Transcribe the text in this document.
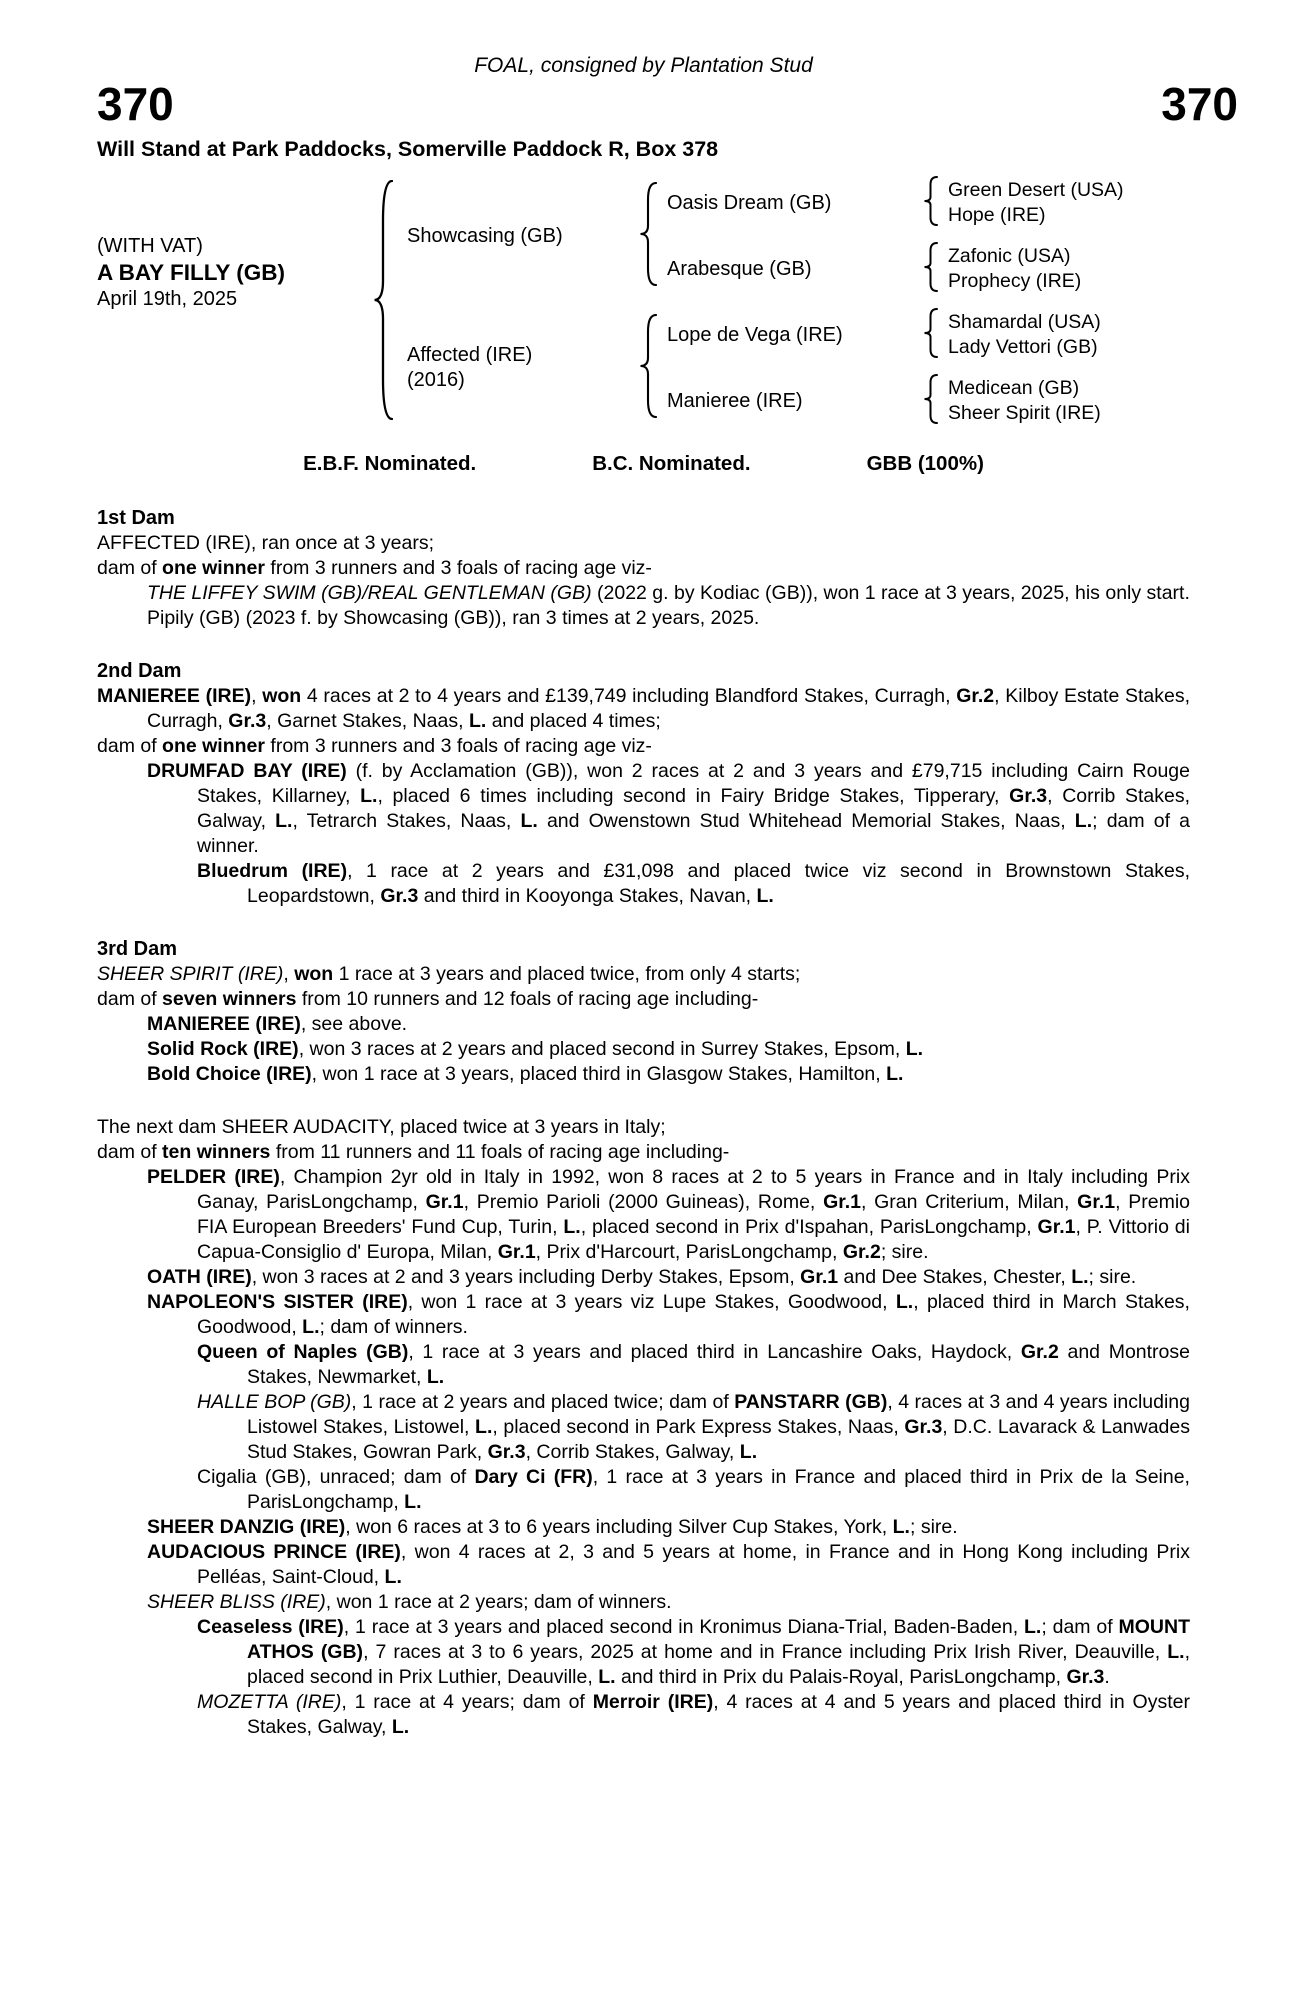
FOAL, consigned by Plantation Stud
370	370
Will Stand at Park Paddocks, Somerville Paddock R, Box 378
(WITH VAT)
A BAY FILLY (GB)
April 19th, 2025
Showcasing (GB)
Oasis Dream (GB)
Green Desert (USA)
Hope (IRE)
Arabesque (GB)
Zafonic (USA)
Prophecy (IRE)
Affected (IRE)
(2016)
Lope de Vega (IRE)
Shamardal (USA)
Lady Vettori (GB)
Manieree (IRE)
Medicean (GB)
Sheer Spirit (IRE)
E.B.F. Nominated.	B.C. Nominated.	GBB (100%)
1st Dam
AFFECTED (IRE), ran once at 3 years;
dam of one winner from 3 runners and 3 foals of racing age viz-
THE LIFFEY SWIM (GB)/REAL GENTLEMAN (GB) (2022 g. by Kodiac (GB)), won 1 race at 3 years, 2025, his only start.
Pipily (GB) (2023 f. by Showcasing (GB)), ran 3 times at 2 years, 2025.
2nd Dam
MANIEREE (IRE), won 4 races at 2 to 4 years and £139,749 including Blandford Stakes, Curragh, Gr.2, Kilboy Estate Stakes, Curragh, Gr.3, Garnet Stakes, Naas, L. and placed 4 times;
dam of one winner from 3 runners and 3 foals of racing age viz-
DRUMFAD BAY (IRE) (f. by Acclamation (GB)), won 2 races at 2 and 3 years and £79,715 including Cairn Rouge Stakes, Killarney, L., placed 6 times including second in Fairy Bridge Stakes, Tipperary, Gr.3, Corrib Stakes, Galway, L., Tetrarch Stakes, Naas, L. and Owenstown Stud Whitehead Memorial Stakes, Naas, L.; dam of a winner.
Bluedrum (IRE), 1 race at 2 years and £31,098 and placed twice viz second in Brownstown Stakes, Leopardstown, Gr.3 and third in Kooyonga Stakes, Navan, L.
3rd Dam
SHEER SPIRIT (IRE), won 1 race at 3 years and placed twice, from only 4 starts;
dam of seven winners from 10 runners and 12 foals of racing age including-
MANIEREE (IRE), see above.
Solid Rock (IRE), won 3 races at 2 years and placed second in Surrey Stakes, Epsom, L.
Bold Choice (IRE), won 1 race at 3 years, placed third in Glasgow Stakes, Hamilton, L.
The next dam SHEER AUDACITY, placed twice at 3 years in Italy;
dam of ten winners from 11 runners and 11 foals of racing age including-
PELDER (IRE), Champion 2yr old in Italy in 1992, won 8 races at 2 to 5 years in France and in Italy including Prix Ganay, ParisLongchamp, Gr.1, Premio Parioli (2000 Guineas), Rome, Gr.1, Gran Criterium, Milan, Gr.1, Premio FIA European Breeders' Fund Cup, Turin, L., placed second in Prix d'Ispahan, ParisLongchamp, Gr.1, P. Vittorio di Capua-Consiglio d' Europa, Milan, Gr.1, Prix d'Harcourt, ParisLongchamp, Gr.2; sire.
OATH (IRE), won 3 races at 2 and 3 years including Derby Stakes, Epsom, Gr.1 and Dee Stakes, Chester, L.; sire.
NAPOLEON'S SISTER (IRE), won 1 race at 3 years viz Lupe Stakes, Goodwood, L., placed third in March Stakes, Goodwood, L.; dam of winners.
Queen of Naples (GB), 1 race at 3 years and placed third in Lancashire Oaks, Haydock, Gr.2 and Montrose Stakes, Newmarket, L.
HALLE BOP (GB), 1 race at 2 years and placed twice; dam of PANSTARR (GB), 4 races at 3 and 4 years including Listowel Stakes, Listowel, L., placed second in Park Express Stakes, Naas, Gr.3, D.C. Lavarack & Lanwades Stud Stakes, Gowran Park, Gr.3, Corrib Stakes, Galway, L.
Cigalia (GB), unraced; dam of Dary Ci (FR), 1 race at 3 years in France and placed third in Prix de la Seine, ParisLongchamp, L.
SHEER DANZIG (IRE), won 6 races at 3 to 6 years including Silver Cup Stakes, York, L.; sire.
AUDACIOUS PRINCE (IRE), won 4 races at 2, 3 and 5 years at home, in France and in Hong Kong including Prix Pelléas, Saint-Cloud, L.
SHEER BLISS (IRE), won 1 race at 2 years; dam of winners.
Ceaseless (IRE), 1 race at 3 years and placed second in Kronimus Diana-Trial, Baden-Baden, L.; dam of MOUNT ATHOS (GB), 7 races at 3 to 6 years, 2025 at home and in France including Prix Irish River, Deauville, L., placed second in Prix Luthier, Deauville, L. and third in Prix du Palais-Royal, ParisLongchamp, Gr.3.
MOZETTA (IRE), 1 race at 4 years; dam of Merroir (IRE), 4 races at 4 and 5 years and placed third in Oyster Stakes, Galway, L.
